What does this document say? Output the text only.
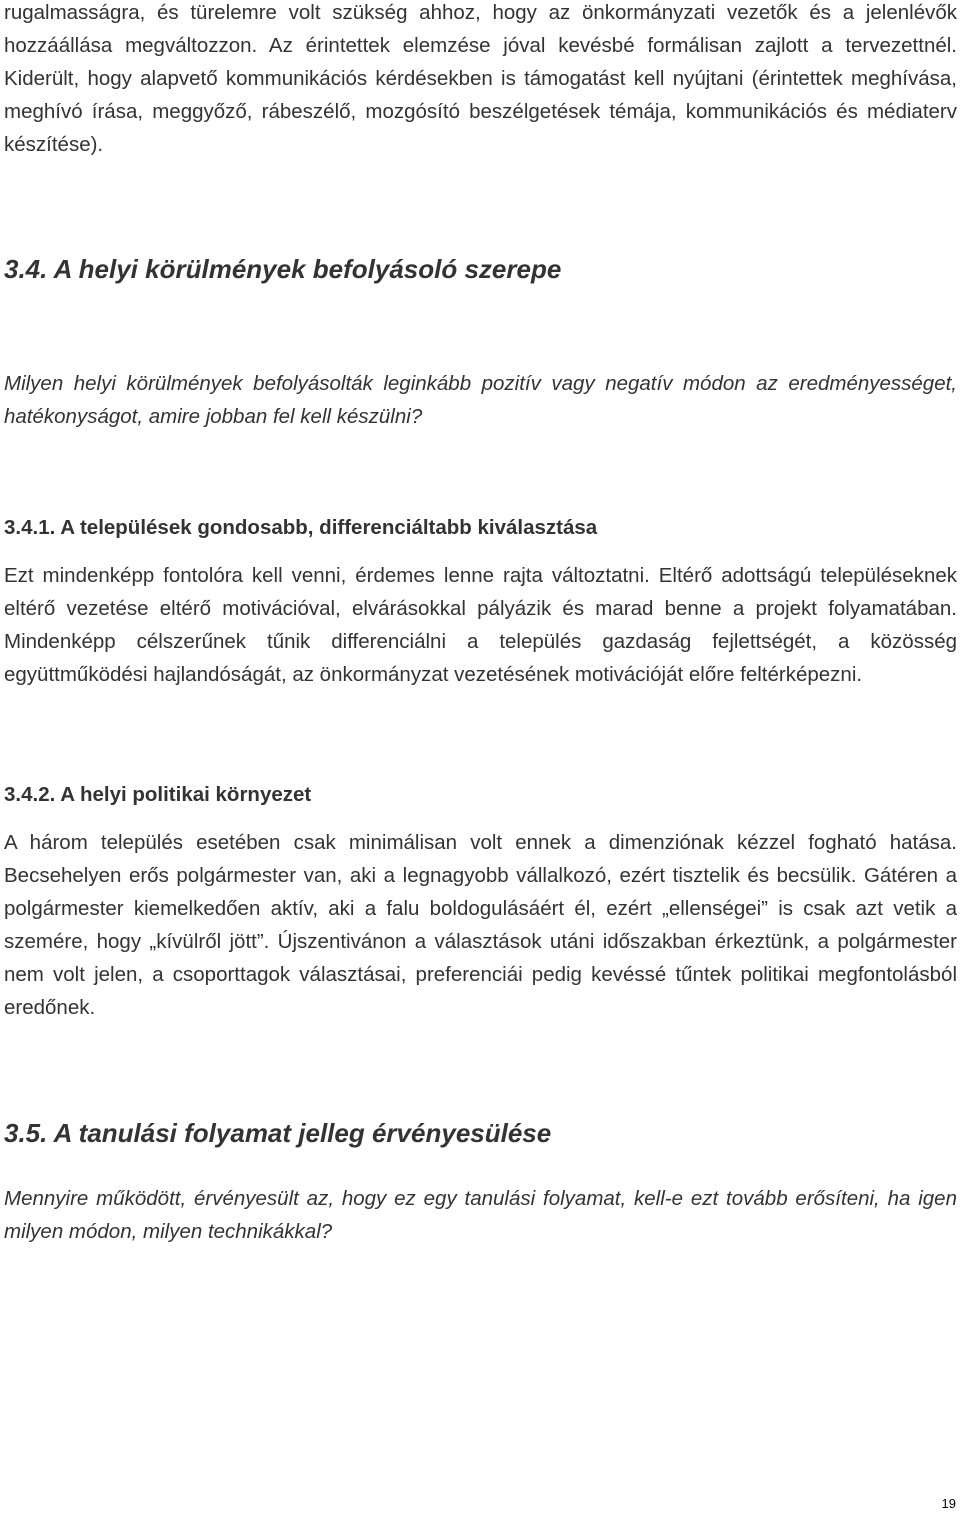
rugalmasságra, és türelemre volt szükség ahhoz, hogy az önkormányzati vezetők és a jelenlévők hozzáállása megváltozzon. Az érintettek elemzése jóval kevésbé formálisan zajlott a tervezettnél. Kiderült, hogy alapvető kommunikációs kérdésekben is támogatást kell nyújtani (érintettek meghívása, meghívó írása, meggyőző, rábeszélő, mozgósító beszélgetések témája, kommunikációs és médiaterv készítése).

3.4. A helyi körülmények befolyásoló szerepe

Milyen helyi körülmények befolyásolták leginkább pozitív vagy negatív módon az eredményességet, hatékonyságot, amire jobban fel kell készülni?

3.4.1. A települések gondosabb, differenciáltabb kiválasztása

Ezt mindenképp fontolóra kell venni, érdemes lenne rajta változtatni. Eltérő adottságú településeknek eltérő vezetése eltérő motivációval, elvárásokkal pályázik és marad benne a projekt folyamatában. Mindenképp célszerűnek tűnik differenciálni a település gazdaság fejlettségét, a közösség együttműködési hajlandóságát, az önkormányzat vezetésének motivációját előre feltérképezni.

3.4.2. A helyi politikai környezet

A három település esetében csak minimálisan volt ennek a dimenziónak kézzel fogható hatása. Becsehelyen erős polgármester van, aki a legnagyobb vállalkozó, ezért tisztelik és becsülik. Gátéren a polgármester kiemelkedően aktív, aki a falu boldogulásáért él, ezért „ellenségei” is csak azt vetik a szemére, hogy „kívülről jött”. Újszentivánon a választások utáni időszakban érkeztünk, a polgármester nem volt jelen, a csoporttagok választásai, preferenciái pedig kevéssé tűntek politikai megfontolásból eredőnek.

3.5. A tanulási folyamat jelleg érvényesülése

Mennyire működött, érvényesült az, hogy ez egy tanulási folyamat, kell-e ezt tovább erősíteni, ha igen milyen módon, milyen technikákkal?

19
